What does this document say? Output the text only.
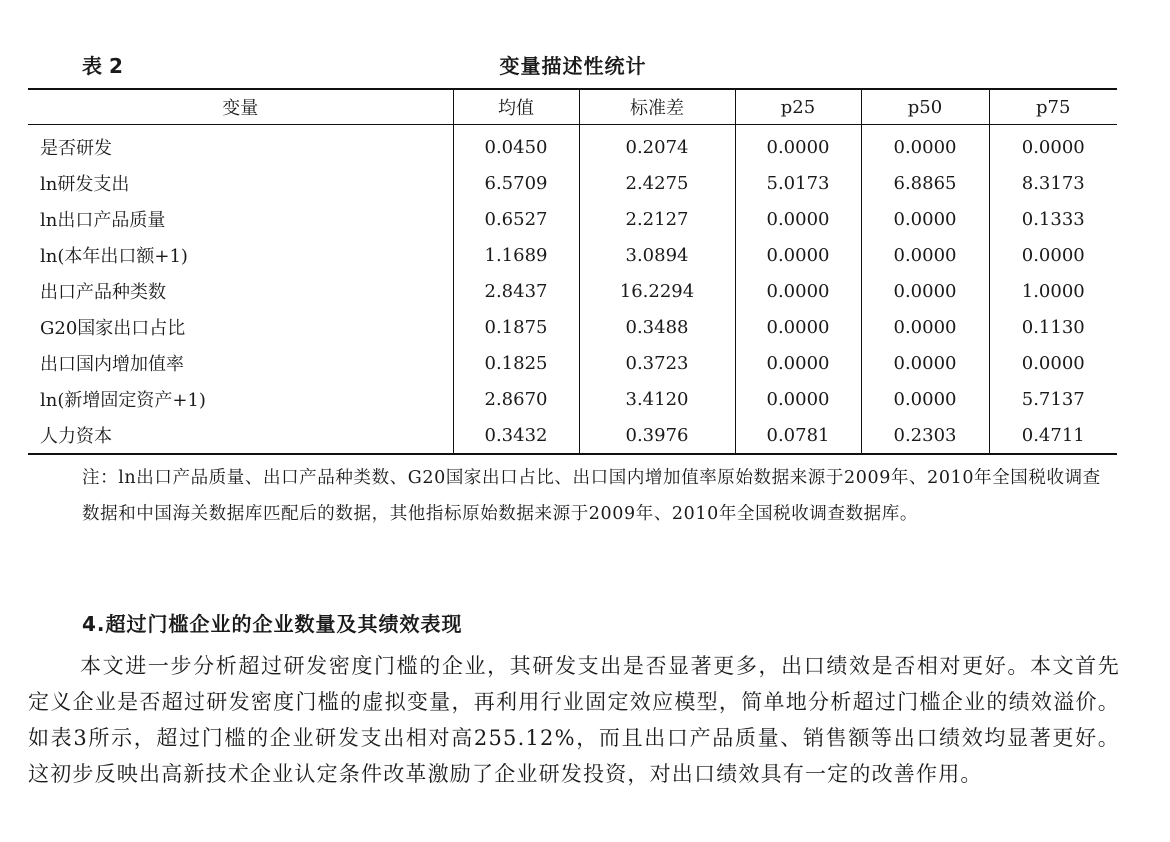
表 2	变量描述性统计
变量	均值	标准差	p25	p50	p75
是否研发	0.0450	0.2074	0.0000	0.0000	0.0000
ln研发支出	6.5709	2.4275	5.0173	6.8865	8.3173
ln出口产品质量	0.6527	2.2127	0.0000	0.0000	0.1333
ln(本年出口额+1)	1.1689	3.0894	0.0000	0.0000	0.0000
出口产品种类数	2.8437	16.2294	0.0000	0.0000	1.0000
G20国家出口占比	0.1875	0.3488	0.0000	0.0000	0.1130
出口国内增加值率	0.1825	0.3723	0.0000	0.0000	0.0000
ln(新增固定资产+1)	2.8670	3.4120	0.0000	0.0000	5.7137
人力资本	0.3432	0.3976	0.0781	0.2303	0.4711
注：ln出口产品质量、出口产品种类数、G20国家出口占比、出口国内增加值率原始数据来源于2009年、2010年全国税收调查数据和中国海关数据库匹配后的数据，其他指标原始数据来源于2009年、2010年全国税收调查数据库。
4.超过门槛企业的企业数量及其绩效表现
本文进一步分析超过研发密度门槛的企业，其研发支出是否显著更多，出口绩效是否相对更好。本文首先定义企业是否超过研发密度门槛的虚拟变量，再利用行业固定效应模型，简单地分析超过门槛企业的绩效溢价。如表3所示，超过门槛的企业研发支出相对高255.12%，而且出口产品质量、销售额等出口绩效均显著更好。这初步反映出高新技术企业认定条件改革激励了企业研发投资，对出口绩效具有一定的改善作用。
